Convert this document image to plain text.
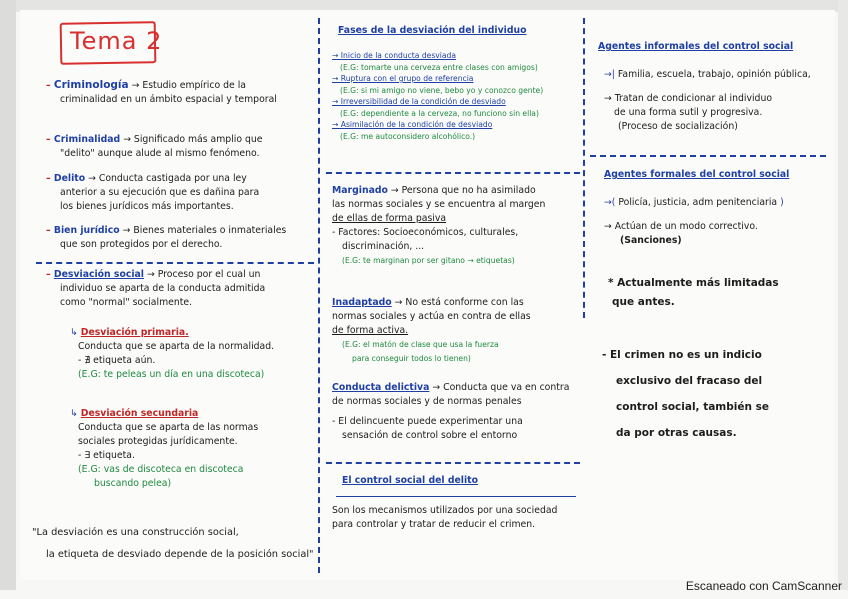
Tema 2
– Criminología → Estudio empírico de la
criminalidad en un ámbito espacial y temporal
– Criminalidad → Significado más amplio que
"delito" aunque alude al mismo fenómeno.
– Delito → Conducta castigada por una ley
anterior a su ejecución que es dañina para
los bienes jurídicos más importantes.
– Bien jurídico → Bienes materiales o inmateriales
que son protegidos por el derecho.
– Desviación social → Proceso por el cual un
individuo se aparta de la conducta admitida
como "normal" socialmente.
↳ Desviación primaria.
Conducta que se aparta de la normalidad.
- ∄ etiqueta aún.
(E.G: te peleas un día en una discoteca)
↳ Desviación secundaria
Conducta que se aparta de las normas
sociales protegidas jurídicamente.
- ∃ etiqueta.
(E.G: vas de discoteca en discoteca
buscando pelea)
"La desviación es una construcción social,
la etiqueta de desviado depende de la posición social"
Fases de la desviación del individuo
→ Inicio de la conducta desviada
(E.G: tomarte una cerveza entre clases con amigos)
→ Ruptura con el grupo de referencia
(E.G: si mi amigo no viene, bebo yo y conozco gente)
→ Irreversibilidad de la condición de desviado
(E.G: dependiente a la cerveza, no funciono sin ella)
→ Asimilación de la condición de desviado
(E.G: me autoconsidero alcohólico.)
Marginado → Persona que no ha asimilado
las normas sociales y se encuentra al margen
de ellas de forma pasiva
- Factores: Socioeconómicos, culturales,
discriminación, ...
(E.G: te marginan por ser gitano → etiquetas)
Inadaptado → No está conforme con las
normas sociales y actúa en contra de ellas
de forma activa.
(E.G: el matón de clase que usa la fuerza
para conseguir todos lo tienen)
Conducta delictiva → Conducta que va en contra
de normas sociales y de normas penales
- El delincuente puede experimentar una
sensación de control sobre el entorno
El control social del delito
Son los mecanismos utilizados por una sociedad
para controlar y tratar de reducir el crimen.
Agentes informales del control social
→| Familia, escuela, trabajo, opinión pública,
→ Tratan de condicionar al individuo
de una forma sutil y progresiva.
(Proceso de socialización)
Agentes formales del control social
→( Policía, justicia, adm penitenciaria )
→ Actúan de un modo correctivo.
(Sanciones)
* Actualmente más limitadas
que antes.
- El crimen no es un indicio
exclusivo del fracaso del
control social, también se
da por otras causas.
Escaneado con CamScanner
